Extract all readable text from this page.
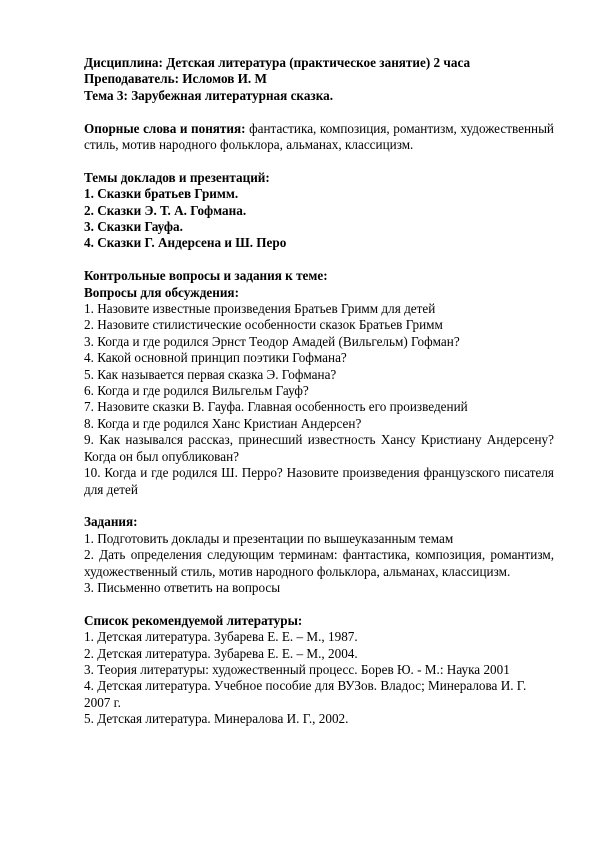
Дисциплина: Детская литература (практическое занятие) 2 часа
Преподаватель: Исломов И. М
Тема 3: Зарубежная литературная сказка.

Опорные слова и понятия: фантастика, композиция, романтизм, художественный стиль, мотив народного фольклора, альманах, классицизм.

Темы докладов и презентаций:
1. Сказки братьев Гримм.
2. Сказки Э. Т. А. Гофмана.
3. Сказки Гауфа.
4. Сказки Г. Андерсена и Ш. Перо
Контрольные вопросы и задания к теме:
Вопросы для обсуждения:
1. Назовите известные произведения Братьев Гримм для детей
2. Назовите стилистические особенности сказок Братьев Гримм
3. Когда и где родился Эрнст Теодор Амадей (Вильгельм) Гофман?
4. Какой основной принцип поэтики Гофмана?
5. Как называется первая сказка Э. Гофмана?
6. Когда и где родился Вильгельм Гауф?
7. Назовите сказки В. Гауфа. Главная особенность его произведений
8. Когда и где родился Ханс Кристиан Андерсен?

9. Как назывался рассказ, принесший известность Хансу Кристиану Андерсену? Когда он был опубликован?

10. Когда и где родился Ш. Перро? Назовите произведения французского писателя для детей

Задания:
1. Подготовить доклады и презентации по вышеуказанным темам

2. Дать определения следующим терминам: фантастика, композиция, романтизм, художественный стиль, мотив народного фольклора, альманах, классицизм.

3. Письменно ответить на вопросы
Список рекомендуемой литературы:
1. Детская литература. Зубарева Е. Е. – М., 1987.
2. Детская литература. Зубарева Е. Е. – М., 2004.
3. Теория литературы: художественный процесс. Борев Ю. - М.: Наука 2001

4. Детская литература. Учебное пособие для ВУЗов. Владос; Минералова И. Г. 2007 г.

5. Детская литература. Минералова И. Г., 2002.
